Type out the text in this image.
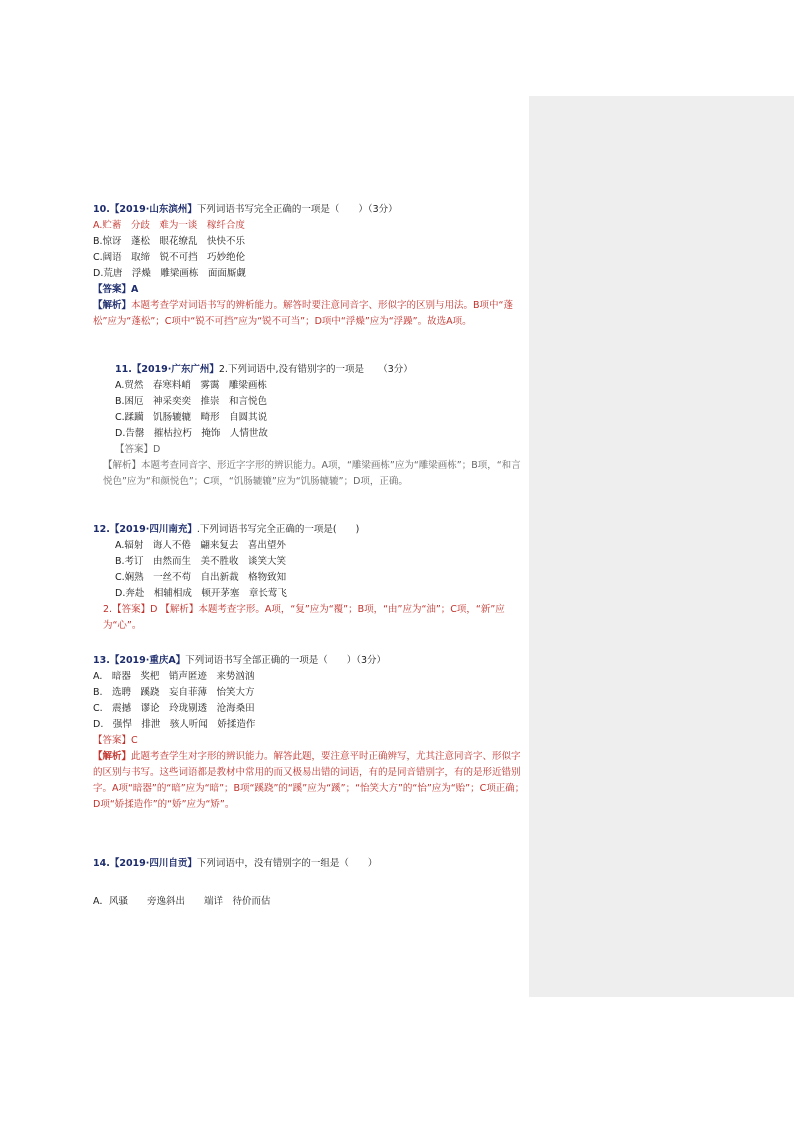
10.【2019·山东滨州】下列词语书写完全正确的一项是（　　）（3分）
A.贮蓄　分歧　难为一谈　稼纤合度
B.惊讶　蓬松　眼花缭乱　快快不乐
C.阔语　取缔　锐不可挡　巧妙绝伦
D.荒唐　浮燥　雕梁画栋　面面厮觑
【答案】A
【解析】本题考查学对词语书写的辨析能力。解答时要注意同音字、形似字的区别与用法。B项中“蓬松”应为“蓬松”；C项中“锐不可挡”应为“锐不可当”；D项中“浮燥”应为“浮躁”。故选A项。
11.【2019·广东广州】2.下列词语中,没有错别字的一项是　　（3分）
A.贸然　春寒料峭　雾霭　雕梁画栋
B.困厄　神采奕奕　推崇　和言悦色
C.蹂躏　饥肠辘辘　畸形　自圆其说
D.告罄　摧枯拉朽　掩饰　人情世故
【答案】D
【解析】本题考查同音字、形近字字形的辨识能力。A项，“雕梁画栋”应为“雕梁画栋”；B项，“和言悦色”应为“和颜悦色”；C项，“饥肠辘辘”应为“饥肠辘辘”；D项，正确。
12.【2019·四川南充】.下列词语书写完全正确的一项是(　　)
A.辐射　诲人不倦　翩来复去　喜出望外
B.考订　由然而生　美不胜收　谈笑大笑
C.娴熟　一丝不苟　自出新裁　格物致知
D.奔赴　相辅相成　顿开茅塞　章长莺飞
2.【答案】D 【解析】本题考查字形。A项，“复”应为“覆”；B项，“由”应为“油”；C项，“新”应为“心”。
13.【2019·重庆A】下列词语书写全部正确的一项是（　　）（3分）
A.　暗器　奖杷　销声匿迹　来势汹汹
B.　选聘　蹊跷　妄自菲薄　怡笑大方
C.　震撼　谬论　玲珑剔透　沧海桑田
D.　强悍　排泄　骇人听闻　娇揉造作
【答案】C
【解析】此题考查学生对字形的辨识能力。解答此题，要注意平时正确辨写，尤其注意同音字、形似字的区别与书写。这些词语都是教材中常用的而又极易出错的词语，有的是同音错别字，有的是形近错别字。A项“暗器”的“暗”应为“暗”；B项“蹊跷”的“蹊”应为“蹊”；“怡笑大方”的“怡”应为“贻”；C项正确；D项“娇揉造作”的“娇”应为“矫”。
14.【2019·四川自贡】下列词语中，没有错别字的一组是（　　）
A．风骚　　旁逸斜出　　端详　待价而估
